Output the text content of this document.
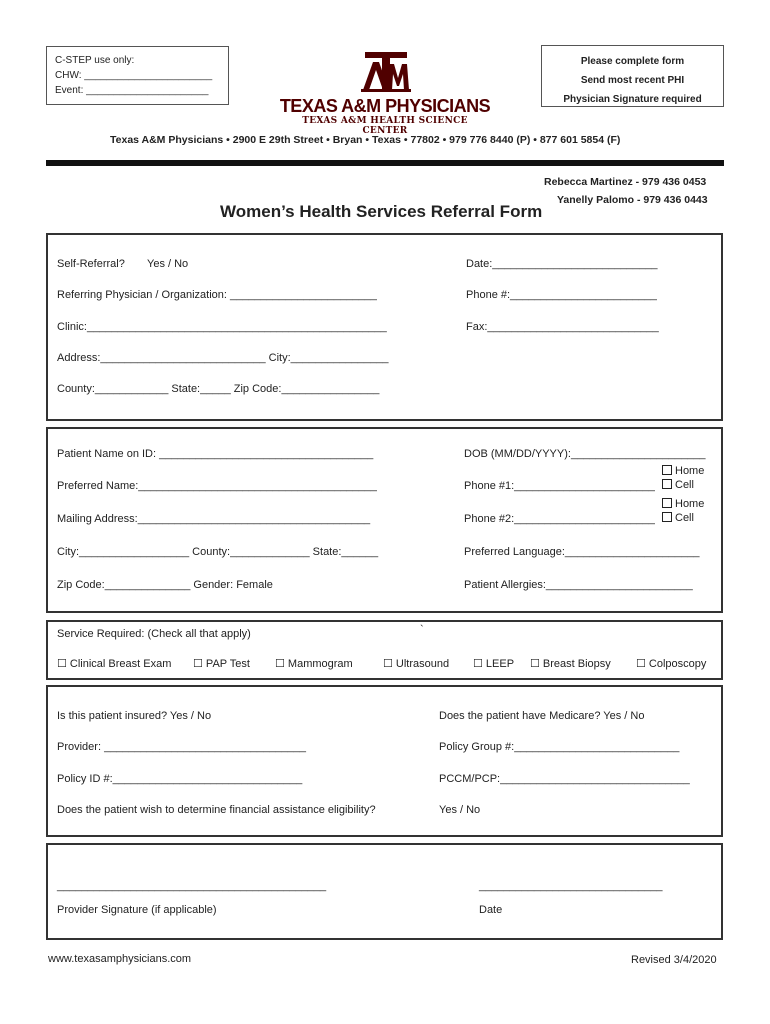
C-STEP use only:
CHW: _______________________
Event: ______________________
Please complete form
Send most recent PHI
Physician Signature required
TEXAS A&M PHYSICIANS
TEXAS A&M HEALTH SCIENCE CENTER
Texas A&M Physicians • 2900 E 29th Street • Bryan • Texas • 77802 • 979 776 8440 (P) • 877 601 5854 (F)
Rebecca Martinez - 979 436 0453
Yanelly Palomo - 979 436 0443
Women’s Health Services Referral Form
Self-Referral? Yes / No	Date:___________________________
Referring Physician / Organization: ________________________	Phone #:________________________
Clinic:_________________________________________________	Fax:____________________________
Address:___________________________ City:________________
County:____________ State:_____ Zip Code:________________
Patient Name on ID: ___________________________________	DOB (MM/DD/YYYY):______________________
Preferred Name:_______________________________________	Phone #1:_______________________
Home
Cell
Mailing Address:______________________________________	Phone #2:_______________________
Home
Cell
City:__________________ County:_____________ State:______	Preferred Language:______________________
Zip Code:______________ Gender: Female	Patient Allergies:________________________
Service Required: (Check all that apply)	`
☐ Clinical Breast Exam ☐ PAP Test ☐ Mammogram	☐ Ultrasound ☐ LEEP ☐ Breast Biopsy ☐ Colposcopy
Is this patient insured? Yes / No	Does the patient have Medicare? Yes / No
Provider: _________________________________	Policy Group #:___________________________
Policy ID #:_______________________________	PCCM/PCP:_______________________________
Does the patient wish to determine financial assistance eligibility?	Yes / No
____________________________________________	______________________________
Provider Signature (if applicable)	Date
www.texasamphysicians.com	Revised 3/4/2020
